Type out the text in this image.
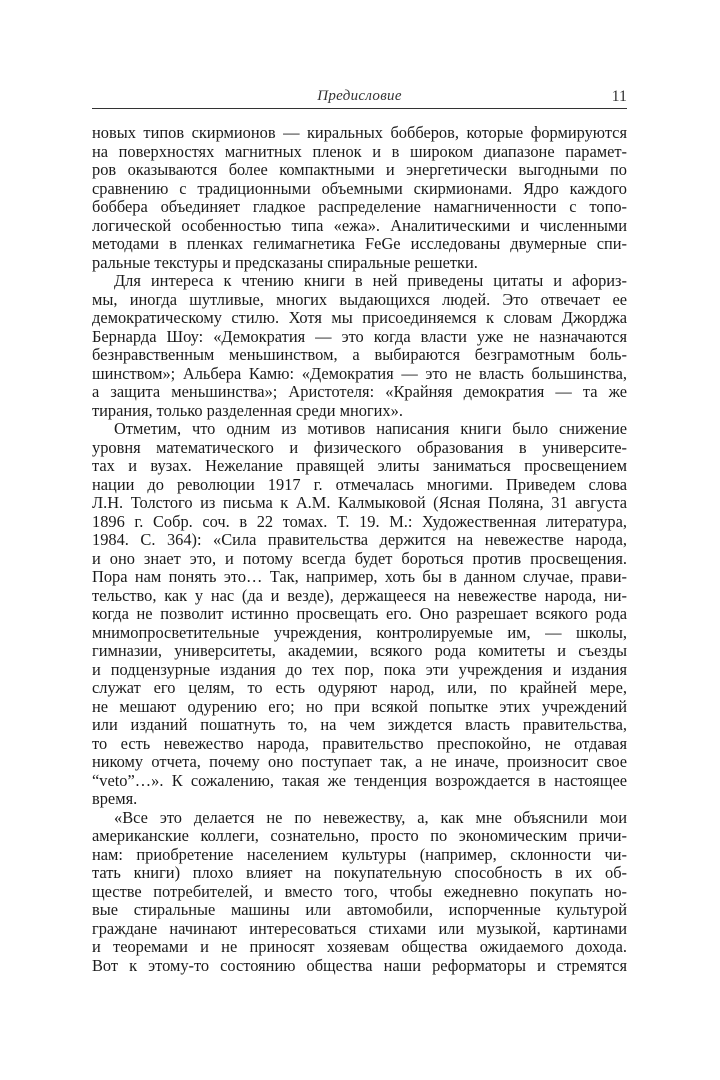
Предисловие	11
новых типов скирмионов — киральных бобберов, которые формируются
на поверхностях магнитных пленок и в широком диапазоне парамет-
ров оказываются более компактными и энергетически выгодными по
сравнению с традиционными объемными скирмионами. Ядро каждого
боббера объединяет гладкое распределение намагниченности с топо-
логической особенностью типа «ежа». Аналитическими и численными
методами в пленках гелимагнетика FeGe исследованы двумерные спи-
ральные текстуры и предсказаны спиральные решетки.
Для интереса к чтению книги в ней приведены цитаты и афориз-
мы, иногда шутливые, многих выдающихся людей. Это отвечает ее
демократическому стилю. Хотя мы присоединяемся к словам Джорджа
Бернарда Шоу: «Демократия — это когда власти уже не назначаются
безнравственным меньшинством, а выбираются безграмотным боль-
шинством»; Альбера Камю: «Демократия — это не власть большинства,
а защита меньшинства»; Аристотеля: «Крайняя демократия — та же
тирания, только разделенная среди многих».
Отметим, что одним из мотивов написания книги было снижение
уровня математического и физического образования в университе-
тах и вузах. Нежелание правящей элиты заниматься просвещением
нации до революции 1917 г. отмечалась многими. Приведем слова
Л.Н. Толстого из письма к А.М. Калмыковой (Ясная Поляна, 31 августа
1896 г. Собр. соч. в 22 томах. Т. 19. М.: Художественная литература,
1984. С. 364): «Сила правительства держится на невежестве народа,
и оно знает это, и потому всегда будет бороться против просвещения.
Пора нам понять это… Так, например, хоть бы в данном случае, прави-
тельство, как у нас (да и везде), держащееся на невежестве народа, ни-
когда не позволит истинно просвещать его. Оно разрешает всякого рода
мнимопросветительные учреждения, контролируемые им, — школы,
гимназии, университеты, академии, всякого рода комитеты и съезды
и подцензурные издания до тех пор, пока эти учреждения и издания
служат его целям, то есть одуряют народ, или, по крайней мере,
не мешают одурению его; но при всякой попытке этих учреждений
или изданий пошатнуть то, на чем зиждется власть правительства,
то есть невежество народа, правительство преспокойно, не отдавая
никому отчета, почему оно поступает так, а не иначе, произносит свое
“veto”…». К сожалению, такая же тенденция возрождается в настоящее
время.
«Все это делается не по невежеству, а, как мне объяснили мои
американские коллеги, сознательно, просто по экономическим причи-
нам: приобретение населением культуры (например, склонности чи-
тать книги) плохо влияет на покупательную способность в их об-
ществе потребителей, и вместо того, чтобы ежедневно покупать но-
вые стиральные машины или автомобили, испорченные культурой
граждане начинают интересоваться стихами или музыкой, картинами
и теоремами и не приносят хозяевам общества ожидаемого дохода.
Вот к этому-то состоянию общества наши реформаторы и стремятся
